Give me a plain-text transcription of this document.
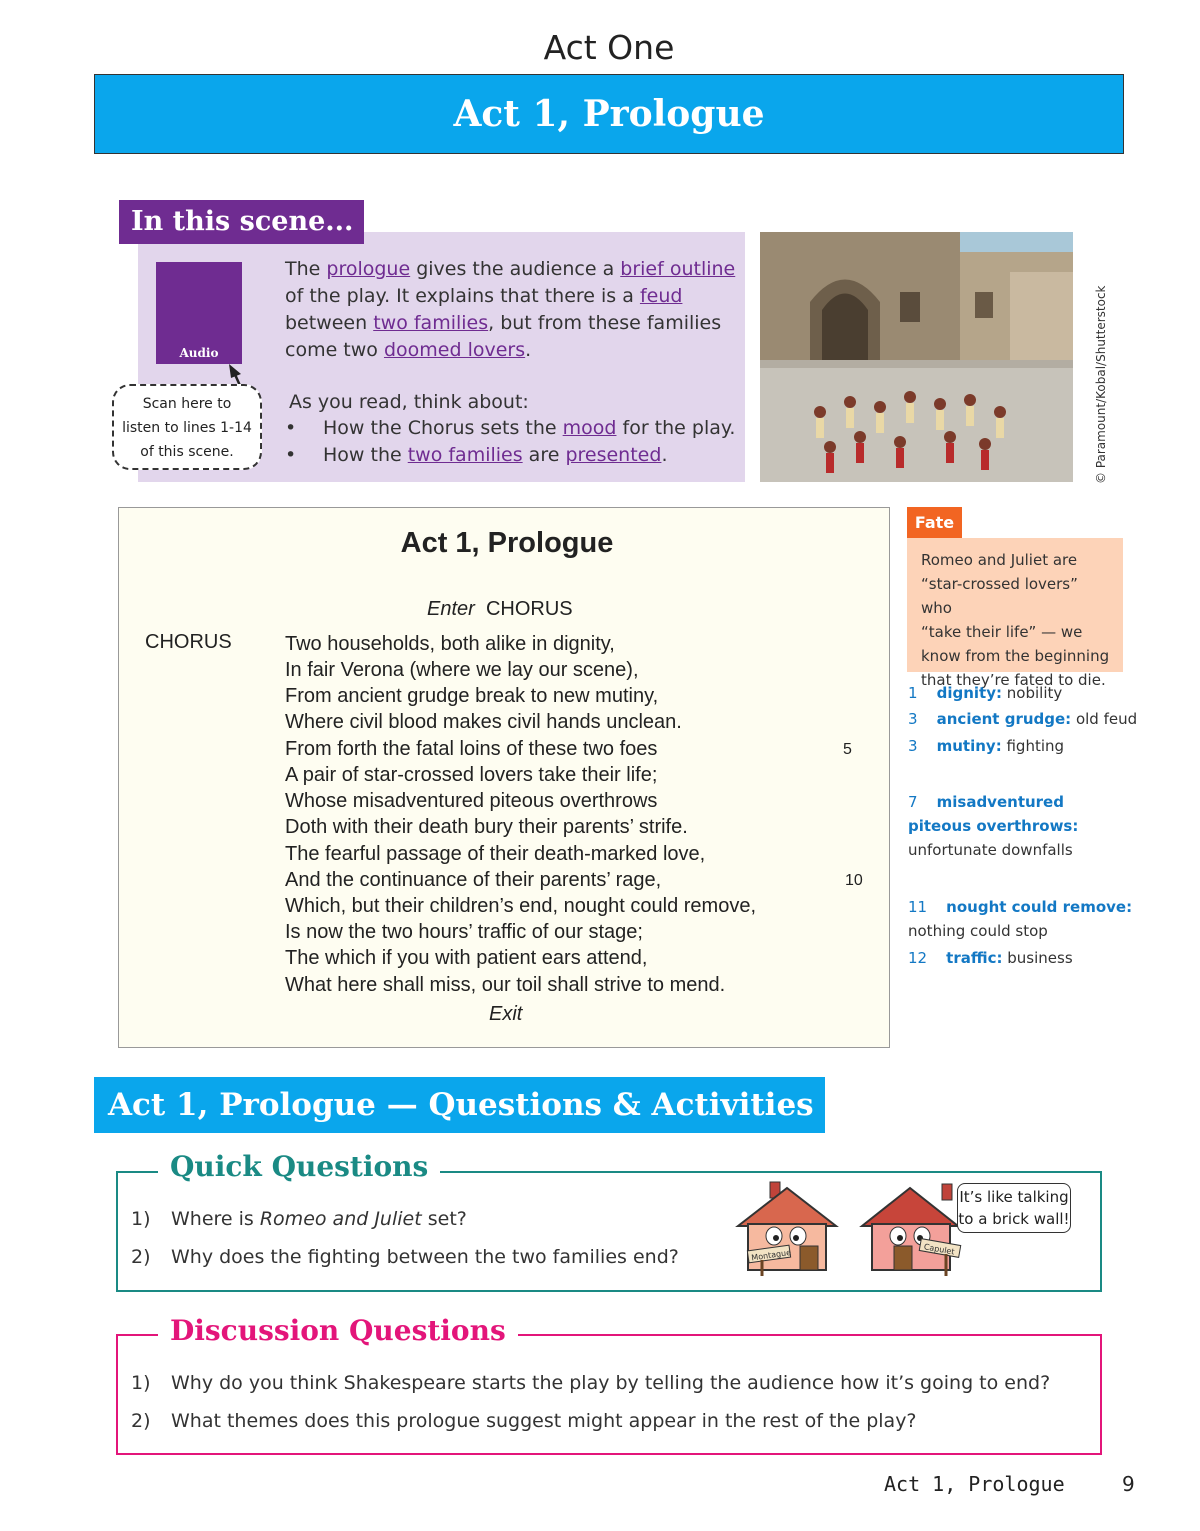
Act One
Act 1, Prologue
In this scene...
Audio
Scan here to
listen to lines 1-14
of this scene.
The prologue gives the audience a brief outline of the play. It explains that there is a feud between two families, but from these families come two doomed lovers.
As you read, think about:
• How the Chorus sets the mood for the play.
• How the two families are presented.	© Paramount/Kobal/Shutterstock
Act 1, Prologue
Enter CHORUS
CHORUS	Two households, both alike in dignity,
In fair Verona (where we lay our scene),
From ancient grudge break to new mutiny,
Where civil blood makes civil hands unclean.
From forth the fatal loins of these two foes
A pair of star-crossed lovers take their life;
Whose misadventured piteous overthrows
Doth with their death bury their parents’ strife.
The fearful passage of their death-marked love,
And the continuance of their parents’ rage,
Which, but their children’s end, nought could remove,
Is now the two hours’ traffic of our stage;
The which if you with patient ears attend,
What here shall miss, our toil shall strive to mend.
5
10
Exit
Fate
Romeo and Juliet are
“star-crossed lovers” who
“take their life” — we
know from the beginning
that they’re fated to die.
1 dignity: nobility
3 ancient grudge: old feud
3 mutiny: fighting
7 misadventured
piteous overthrows:
unfortunate downfalls
11 nought could remove:
nothing could stop
12 traffic: business
Act 1, Prologue — Questions & Activities
Quick Questions
1) Where is Romeo and Juliet set?
2) Why does the fighting between the two families end?	Montague	Capulet
It’s like talking
to a brick wall!
Discussion Questions
1) Why do you think Shakespeare starts the play by telling the audience how it’s going to end?
2) What themes does this prologue suggest might appear in the rest of the play?
Act 1, Prologue	9
